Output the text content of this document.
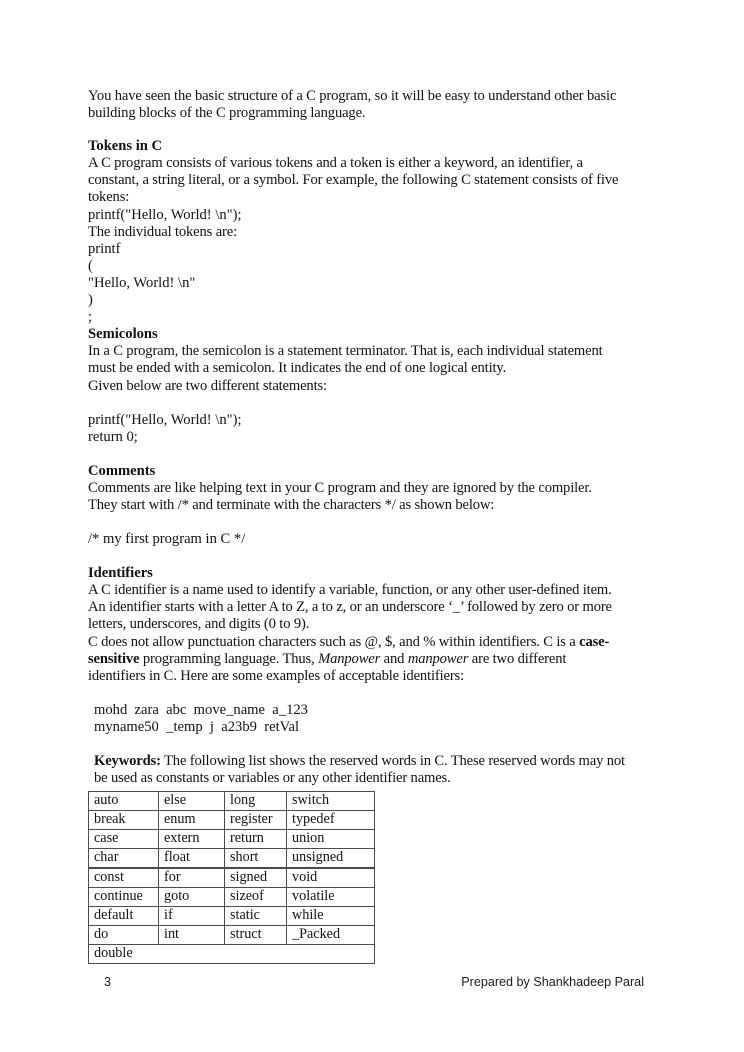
You have seen the basic structure of a C program, so it will be easy to understand other basic
building blocks of the C programming language.
Tokens in C
A C program consists of various tokens and a token is either a keyword, an identifier, a
constant, a string literal, or a symbol. For example, the following C statement consists of five
tokens:
printf("Hello, World! \n");
The individual tokens are:
printf
(
"Hello, World! \n"
)
;
Semicolons
In a C program, the semicolon is a statement terminator. That is, each individual statement
must be ended with a semicolon. It indicates the end of one logical entity.
Given below are two different statements:
printf("Hello, World! \n");
return 0;
Comments
Comments are like helping text in your C program and they are ignored by the compiler.
They start with /* and terminate with the characters */ as shown below:
/* my first program in C */
Identifiers
A C identifier is a name used to identify a variable, function, or any other user-defined item.
An identifier starts with a letter A to Z, a to z, or an underscore ‘_’ followed by zero or more
letters, underscores, and digits (0 to 9).
C does not allow punctuation characters such as @, $, and % within identifiers. C is a case-
sensitive programming language. Thus, Manpower and manpower are two different
identifiers in C. Here are some examples of acceptable identifiers:
mohd  zara  abc  move_name  a_123
myname50  _temp  j  a23b9  retVal
Keywords: The following list shows the reserved words in C. These reserved words may not
be used as constants or variables or any other identifier names.
auto	else	long	switch
break	enum	register	typedef
case	extern	return	union
char	float	short	unsigned
const	for	signed	void
continue	goto	sizeof	volatile
default	if	static	while
do	int	struct	_Packed
double			
3	Prepared by Shankhadeep Paral
